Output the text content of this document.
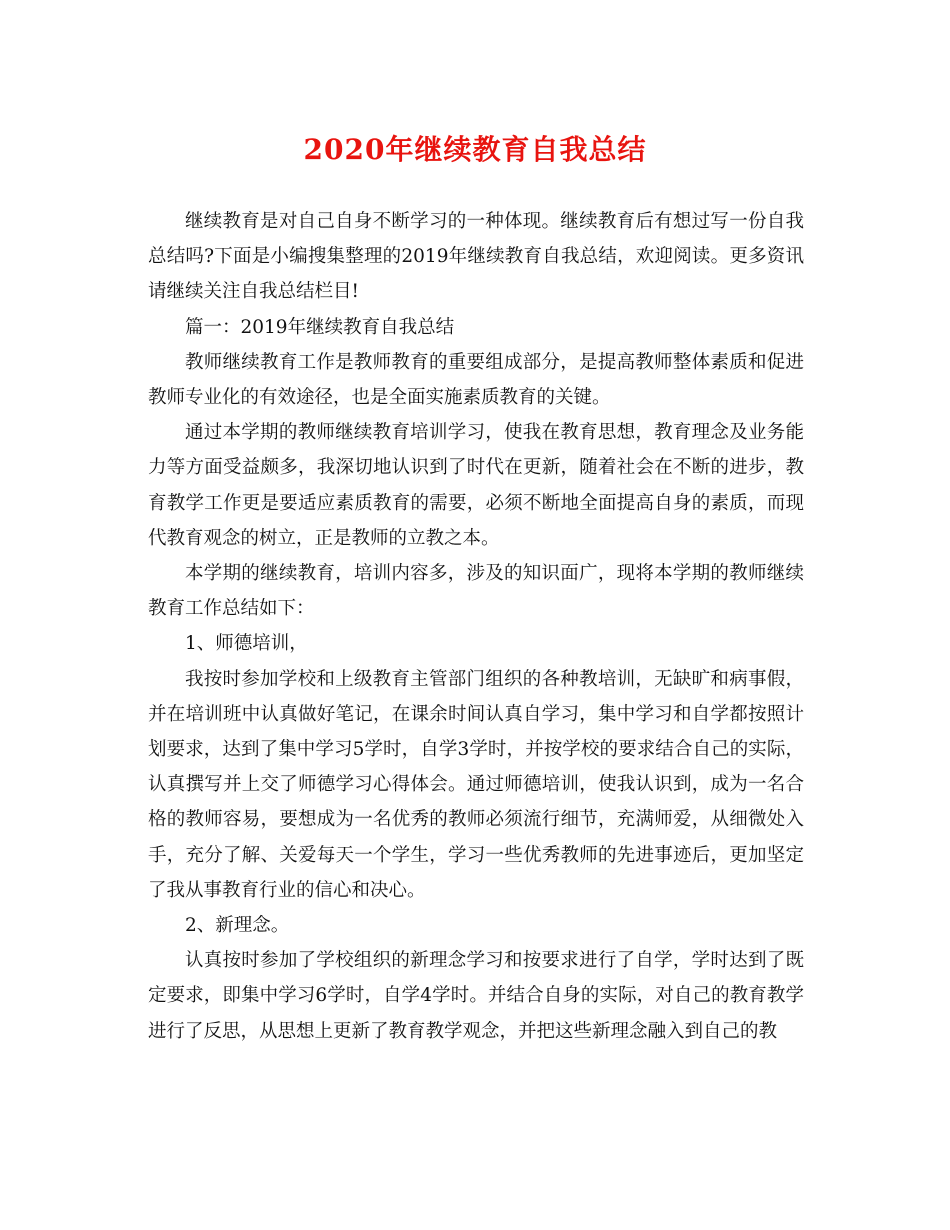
2020年继续教育自我总结

继续教育是对自己自身不断学习的一种体现。继续教育后有想过写一份自我总结吗?下面是小编搜集整理的2019年继续教育自我总结，欢迎阅读。更多资讯请继续关注自我总结栏目!

篇一：2019年继续教育自我总结

教师继续教育工作是教师教育的重要组成部分，是提高教师整体素质和促进教师专业化的有效途径，也是全面实施素质教育的关键。

通过本学期的教师继续教育培训学习，使我在教育思想，教育理念及业务能力等方面受益颇多，我深切地认识到了时代在更新，随着社会在不断的进步，教育教学工作更是要适应素质教育的需要，必须不断地全面提高自身的素质，而现代教育观念的树立，正是教师的立教之本。

本学期的继续教育，培训内容多，涉及的知识面广，现将本学期的教师继续教育工作总结如下：

1、师德培训，

我按时参加学校和上级教育主管部门组织的各种教培训，无缺旷和病事假，并在培训班中认真做好笔记，在课余时间认真自学习，集中学习和自学都按照计划要求，达到了集中学习5学时，自学3学时，并按学校的要求结合自己的实际，认真撰写并上交了师德学习心得体会。通过师德培训，使我认识到，成为一名合格的教师容易，要想成为一名优秀的教师必须流行细节，充满师爱，从细微处入手，充分了解、关爱每天一个学生，学习一些优秀教师的先进事迹后，更加坚定了我从事教育行业的信心和决心。

2、新理念。

认真按时参加了学校组织的新理念学习和按要求进行了自学，学时达到了既定要求，即集中学习6学时，自学4学时。并结合自身的实际，对自己的教育教学进行了反思，从思想上更新了教育教学观念，并把这些新理念融入到自己的教
